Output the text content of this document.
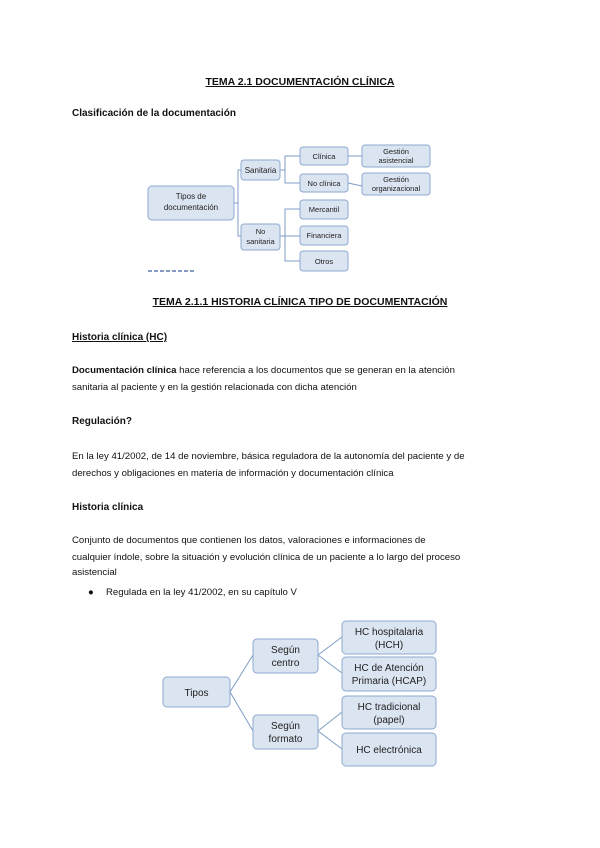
TEMA 2.1 DOCUMENTACIÓN CLÍNICA
Clasificación de la documentación
Tipos de
documentación
Sanitaria
No
sanitaria
Clínica
No clínica
Gestión
asistencial
Gestión
organizacional
Mercantil
Financiera
Otros
TEMA 2.1.1 HISTORIA CLÍNICA TIPO DE DOCUMENTACIÓN
Historia clínica (HC)
Documentación clínica hace referencia a los documentos que se generan en la atención
sanitaria al paciente y en la gestión relacionada con dicha atención
Regulación?
En la ley 41/2002, de 14 de noviembre, básica reguladora de la autonomía del paciente y de
derechos y obligaciones en materia de información y documentación clínica
Historia clínica
Conjunto de documentos que contienen los datos, valoraciones e informaciones de
cualquier índole, sobre la situación y evolución clínica de un paciente a lo largo del proceso
asistencial
● Regulada en la ley 41/2002, en su capítulo V
Tipos
Según
centro
Según
formato
HC hospitalaria
(HCH)
HC de Atención
Primaria (HCAP)
HC tradicional
(papel)
HC electrónica
